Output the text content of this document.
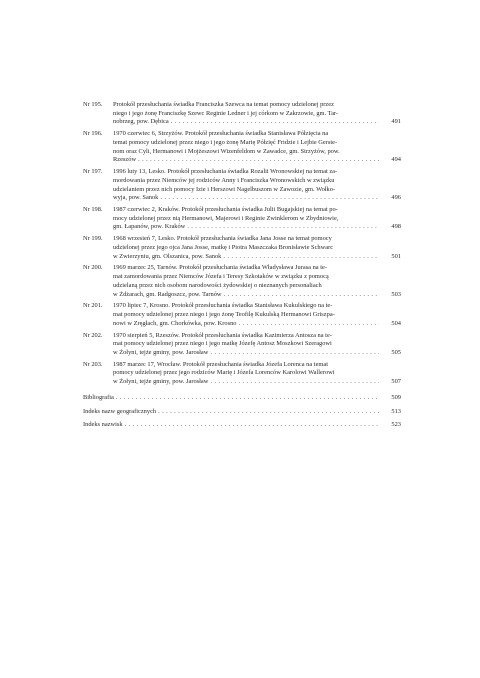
Nr 195. Protokół przesłuchania świadka Franciszka Szewca na temat pomocy udzielonej przez
niego i jego żonę Franciszkę Szewc Reginie Ledner i jej córkom w Zakrzowie, gm. Tar-
nobrzeg, pow. Dębica . . .	491
Nr 196. 1970 czerwiec 6, Strzyżów. Protokół przesłuchania świadka Stanisława Półzięcia na
temat pomocy udzielonej przez niego i jego żonę Marię Półzięć Fridzie i Lejbie Gerste-
nom oraz Cyli, Hermanowi i Mojżeszowi Wizenfeldom w Zawadce, gm. Strzyżów, pow.
Rzeszów . . .	494
Nr 197. 1996 luty 13, Lesko. Protokół przesłuchania świadka Rozalii Wronowskiej na temat za-
mordowania przez Niemców jej rodziców Anny i Franciszka Wronowskich w związku
udzielaniem przez nich pomocy Izie i Herszowi Nagelbuszom w Zawozie, gm. Wołko-
wyja, pow. Sanok . . .	496
Nr 198. 1987 czerwiec 2, Kraków. Protokół przesłuchania świadka Julii Bugajskiej na temat po-
mocy udzielonej przez nią Hermanowi, Majerowi i Reginie Zwinklerom w Zbydniowie,
gm. Łapanów, pow. Kraków . . .	498
Nr 199. 1968 wrzesień 7, Lesko. Protokół przesłuchania świadka Jana Josse na temat pomocy
udzielonej przez jego ojca Jana Josse, matkę i Piotra Maszczaka Bronisławie Schwarc
w Zwierzyniu, gm. Olszanica, pow. Sanok . . .	501
Nr 200. 1969 marzec 25, Tarnów. Protokół przesłuchania świadka Władysława Jurasa na te-
mat zamordowania przez Niemców Józefa i Teresy Szkotaków w związku z pomocą
udzielaną przez nich osobom narodowości żydowskiej o nieznanych personaliach
w Żdżarach, gm. Radgoszcz, pow. Tarnów . . .	503
Nr 201. 1970 lipiec 7, Krosno. Protokół przesłuchania świadka Stanisława Kukulskiego na te-
mat pomocy udzielonej przez niego i jego żonę Teofilę Kukulską Hermanowi Griszpa-
nowi w Zręgłach, gm. Chorkówka, pow. Krosno . . .	504
Nr 202. 1970 sierpień 5, Rzeszów. Protokół przesłuchania świadka Kazimierza Antosza na te-
mat pomocy udzielonej przez niego i jego matkę Józefę Antosz Moszkowi Szeragowi
w Żołyni, tejże gminy, pow. Jarosław . . .	505
Nr 203. 1987 marzec 17, Wrocław. Protokół przesłuchania świadka Józefa Lorenca na temat
pomocy udzielonej przez jego rodziców Marię i Józefa Lorenców Karolowi Wallerowi
w Żołyni, tejże gminy, pow. Jarosław . . .	507
Bibliografia . . .	509
Indeks nazw geograficznych . . .	513
Indeks nazwisk . . .	523
